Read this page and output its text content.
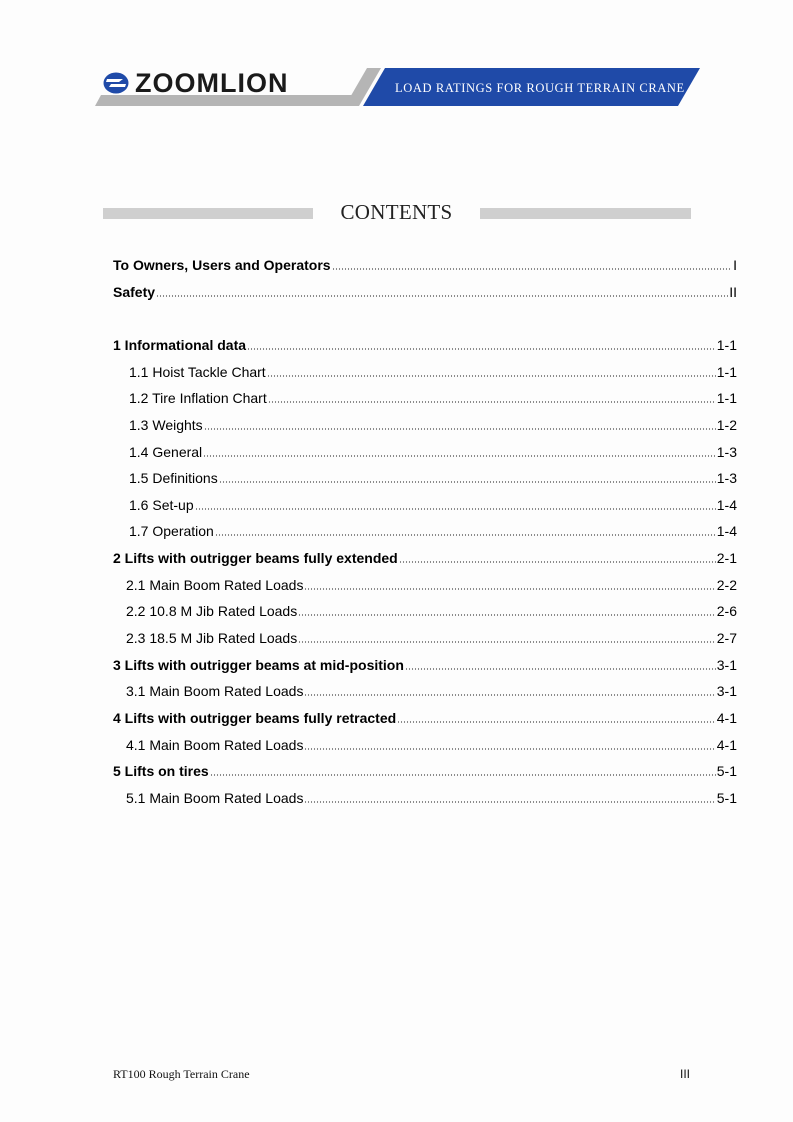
ZOOMLION	LOAD RATINGS FOR ROUGH TERRAIN CRANE
CONTENTS
To Owners, Users and Operators	I
Safety	II
1 Informational data	1-1
1.1 Hoist Tackle Chart	1-1
1.2 Tire Inflation Chart	1-1
1.3 Weights	1-2
1.4 General	1-3
1.5 Definitions	1-3
1.6 Set-up	1-4
1.7 Operation	1-4
2 Lifts with outrigger beams fully extended	2-1
2.1 Main Boom Rated Loads	2-2
2.2 10.8 M Jib Rated Loads	2-6
2.3 18.5 M Jib Rated Loads	2-7
3 Lifts with outrigger beams at mid-position	3-1
3.1 Main Boom Rated Loads	3-1
4 Lifts with outrigger beams fully retracted	4-1
4.1 Main Boom Rated Loads	4-1
5 Lifts on tires	5-1
5.1 Main Boom Rated Loads	5-1
RT100 Rough Terrain Crane	III
